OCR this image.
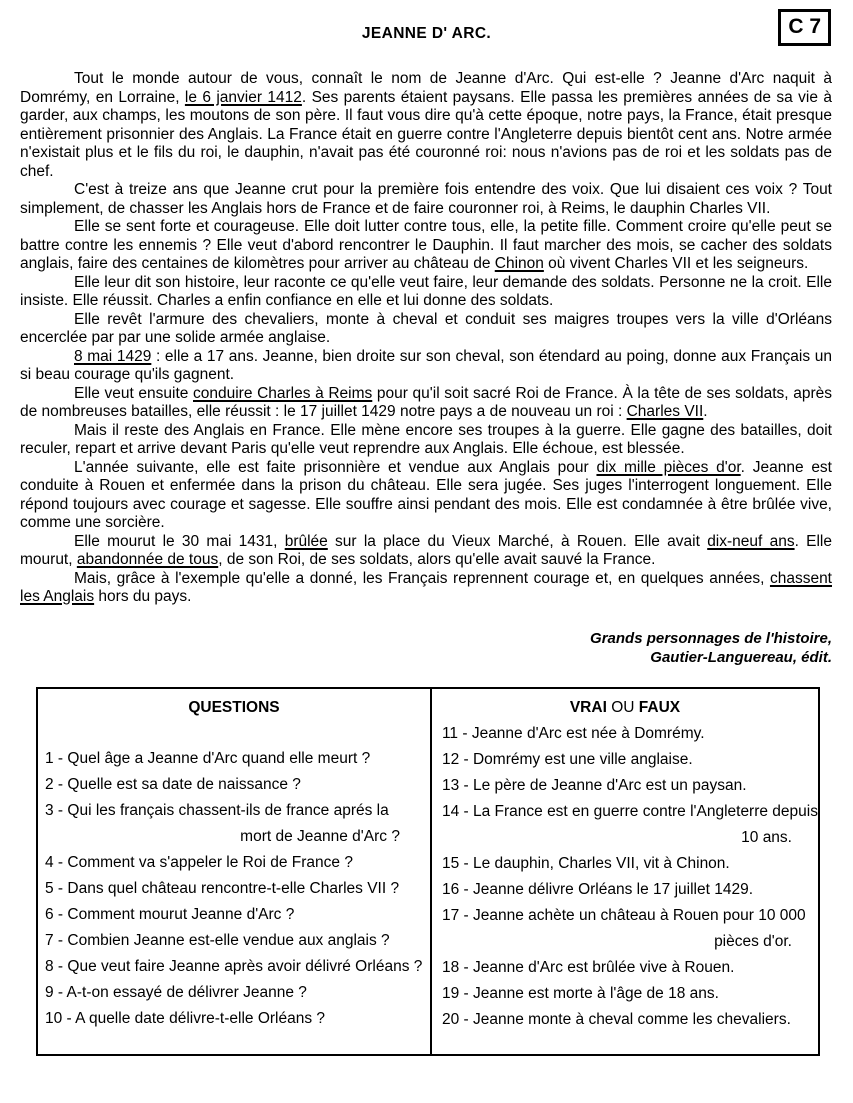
C 7
JEANNE D' ARC.

Tout le monde autour de vous, connaît le nom de Jeanne d'Arc. Qui est-elle ? Jeanne d'Arc naquit à Domrémy, en Lorraine, le 6 janvier 1412. Ses parents étaient paysans. Elle passa les premières années de sa vie à garder, aux champs, les moutons de son père. Il faut vous dire qu'à cette époque, notre pays, la France, était presque entièrement prisonnier des Anglais. La France était en guerre contre l'Angleterre depuis bientôt cent ans. Notre armée n'existait plus et le fils du roi, le dauphin, n'avait pas été couronné roi: nous n'avions pas de roi et les soldats pas de chef.

C'est à treize ans que Jeanne crut pour la première fois entendre des voix. Que lui disaient ces voix ? Tout simplement, de chasser les Anglais hors de France et de faire couronner roi, à Reims, le dauphin Charles VII.

Elle se sent forte et courageuse. Elle doit lutter contre tous, elle, la petite fille. Comment croire qu'elle peut se battre contre les ennemis ? Elle veut d'abord rencontrer le Dauphin. Il faut marcher des mois, se cacher des soldats anglais, faire des centaines de kilomètres pour arriver au château de Chinon où vivent Charles VII et les seigneurs.

Elle leur dit son histoire, leur raconte ce qu'elle veut faire, leur demande des soldats. Personne ne la croit. Elle insiste. Elle réussit. Charles a enfin confiance en elle et lui donne des soldats.

Elle revêt l'armure des chevaliers, monte à cheval et conduit ses maigres troupes vers la ville d'Orléans encerclée par par une solide armée anglaise.

8 mai 1429 : elle a 17 ans. Jeanne, bien droite sur son cheval, son étendard au poing, donne aux Français un si beau courage qu'ils gagnent.

Elle veut ensuite conduire Charles à Reims pour qu'il soit sacré Roi de France. À la tête de ses soldats, après de nombreuses batailles, elle réussit : le 17 juillet 1429 notre pays a de nouveau un roi : Charles VII.

Mais il reste des Anglais en France. Elle mène encore ses troupes à la guerre. Elle gagne des batailles, doit reculer, repart et arrive devant Paris qu'elle veut reprendre aux Anglais. Elle échoue, est blessée.

L'année suivante, elle est faite prisonnière et vendue aux Anglais pour dix mille pièces d'or. Jeanne est conduite à Rouen et enfermée dans la prison du château. Elle sera jugée. Ses juges l'interrogent longuement. Elle répond toujours avec courage et sagesse. Elle souffre ainsi pendant des mois. Elle est condamnée à être brûlée vive, comme une sorcière.

Elle mourut le 30 mai 1431, brûlée sur la place du Vieux Marché, à Rouen. Elle avait dix-neuf ans. Elle mourut, abandonnée de tous, de son Roi, de ses soldats, alors qu'elle avait sauvé la France.

Mais, grâce à l'exemple qu'elle a donné, les Français reprennent courage et, en quelques années, chassent les Anglais hors du pays.

Grands personnages de l'histoire,
Gautier-Languereau, édit.
QUESTIONS
1 - Quel âge a Jeanne d'Arc quand elle meurt ?
2 - Quelle est sa date de naissance ?
3 - Qui les français chassent-ils de france aprés la
mort de Jeanne d'Arc ?
4 - Comment va s'appeler le Roi de France ?
5 - Dans quel château rencontre-t-elle Charles VII ?
6 - Comment mourut Jeanne d'Arc ?
7 - Combien Jeanne est-elle vendue aux anglais ?
8 - Que veut faire Jeanne après avoir délivré Orléans ?
9 - A-t-on essayé de délivrer Jeanne ?
10 - A quelle date délivre-t-elle Orléans ?
VRAI OU FAUX
11 - Jeanne d'Arc est née à Domrémy.
12 - Domrémy est une ville anglaise.
13 - Le père de Jeanne d'Arc est un paysan.
14 - La France est en guerre contre l'Angleterre depuis
10 ans.
15 - Le dauphin, Charles VII, vit à Chinon.
16 - Jeanne délivre Orléans le 17 juillet 1429.
17 - Jeanne achète un château à Rouen pour 10 000
pièces d'or.
18 - Jeanne d'Arc est brûlée vive à Rouen.
19 - Jeanne est morte à l'âge de 18 ans.
20 - Jeanne monte à cheval comme les chevaliers.
